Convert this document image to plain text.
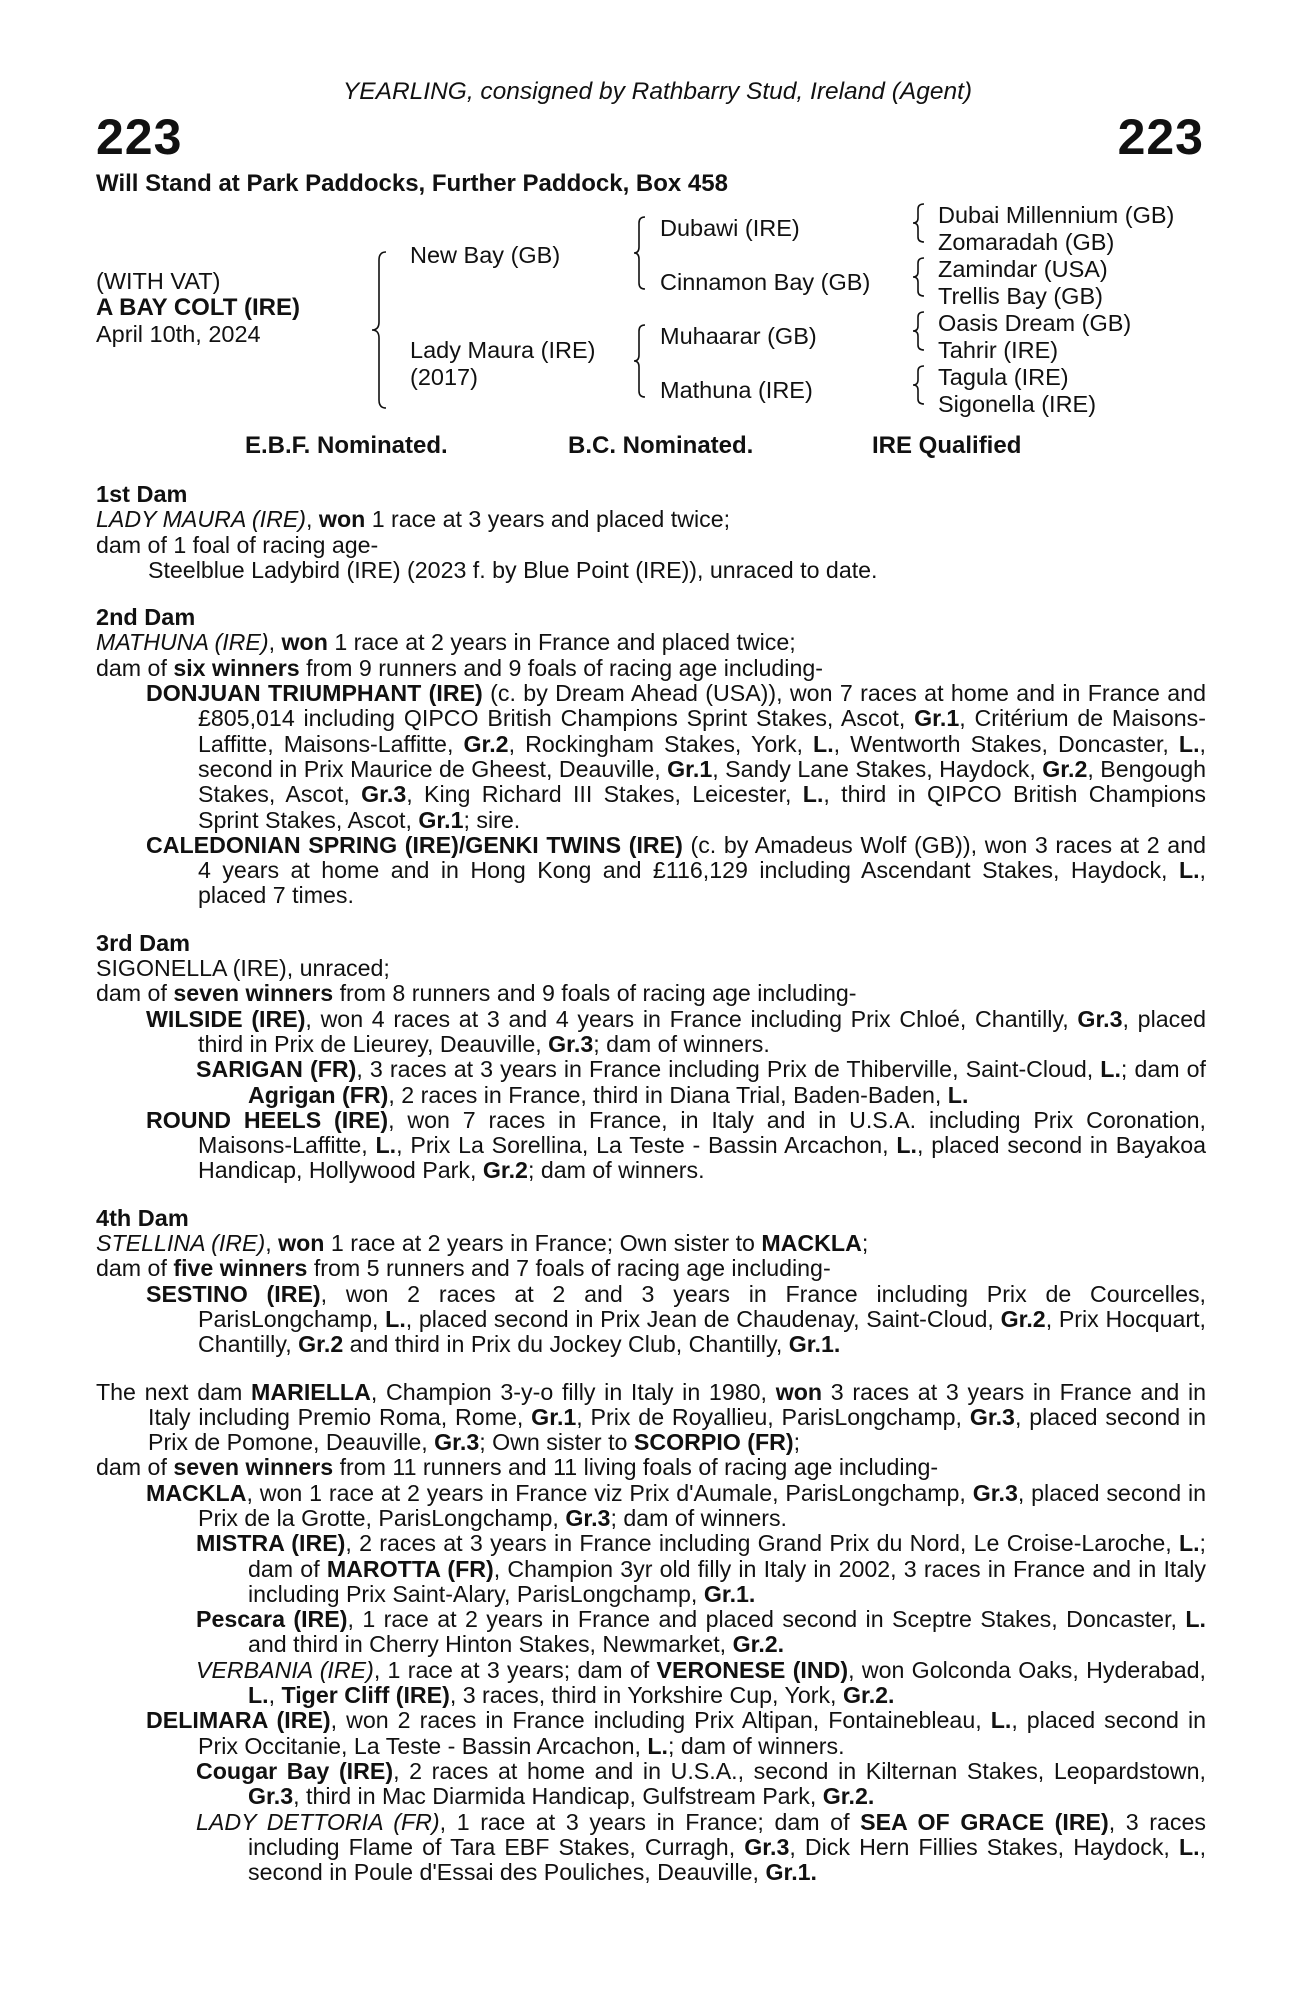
YEARLING, consigned by Rathbarry Stud, Ireland (Agent)
223	223
Will Stand at Park Paddocks, Further Paddock, Box 458
(WITH VAT)
A BAY COLT (IRE)
April 10th, 2024
New Bay (GB)
Lady Maura (IRE)
(2017)
Dubawi (IRE)
Cinnamon Bay (GB)
Muhaarar (GB)
Mathuna (IRE)
Dubai Millennium (GB)
Zomaradah (GB)
Zamindar (USA)
Trellis Bay (GB)
Oasis Dream (GB)
Tahrir (IRE)
Tagula (IRE)
Sigonella (IRE)
E.B.F. Nominated.	B.C. Nominated.	IRE Qualified
1st Dam
LADY MAURA (IRE), won 1 race at 3 years and placed twice;
dam of 1 foal of racing age-
Steelblue Ladybird (IRE) (2023 f. by Blue Point (IRE)), unraced to date.
2nd Dam
MATHUNA (IRE), won 1 race at 2 years in France and placed twice;
dam of six winners from 9 runners and 9 foals of racing age including-
DONJUAN TRIUMPHANT (IRE) (c. by Dream Ahead (USA)), won 7 races at home and in France and £805,014 including QIPCO British Champions Sprint Stakes, Ascot, Gr.1, Critérium de Maisons-Laffitte, Maisons-Laffitte, Gr.2, Rockingham Stakes, York, L., Wentworth Stakes, Doncaster, L., second in Prix Maurice de Gheest, Deauville, Gr.1, Sandy Lane Stakes, Haydock, Gr.2, Bengough Stakes, Ascot, Gr.3, King Richard III Stakes, Leicester, L., third in QIPCO British Champions Sprint Stakes, Ascot, Gr.1; sire.
CALEDONIAN SPRING (IRE)/GENKI TWINS (IRE) (c. by Amadeus Wolf (GB)), won 3 races at 2 and 4 years at home and in Hong Kong and £116,129 including Ascendant Stakes, Haydock, L., placed 7 times.
3rd Dam
SIGONELLA (IRE), unraced;
dam of seven winners from 8 runners and 9 foals of racing age including-
WILSIDE (IRE), won 4 races at 3 and 4 years in France including Prix Chloé, Chantilly, Gr.3, placed third in Prix de Lieurey, Deauville, Gr.3; dam of winners.
SARIGAN (FR), 3 races at 3 years in France including Prix de Thiberville, Saint-Cloud, L.; dam of Agrigan (FR), 2 races in France, third in Diana Trial, Baden-Baden, L.
ROUND HEELS (IRE), won 7 races in France, in Italy and in U.S.A. including Prix Coronation, Maisons-Laffitte, L., Prix La Sorellina, La Teste - Bassin Arcachon, L., placed second in Bayakoa Handicap, Hollywood Park, Gr.2; dam of winners.
4th Dam
STELLINA (IRE), won 1 race at 2 years in France; Own sister to MACKLA;
dam of five winners from 5 runners and 7 foals of racing age including-
SESTINO (IRE), won 2 races at 2 and 3 years in France including Prix de Courcelles, ParisLongchamp, L., placed second in Prix Jean de Chaudenay, Saint-Cloud, Gr.2, Prix Hocquart, Chantilly, Gr.2 and third in Prix du Jockey Club, Chantilly, Gr.1.
The next dam MARIELLA, Champion 3-y-o filly in Italy in 1980, won 3 races at 3 years in France and in Italy including Premio Roma, Rome, Gr.1, Prix de Royallieu, ParisLongchamp, Gr.3, placed second in Prix de Pomone, Deauville, Gr.3; Own sister to SCORPIO (FR);
dam of seven winners from 11 runners and 11 living foals of racing age including-
MACKLA, won 1 race at 2 years in France viz Prix d'Aumale, ParisLongchamp, Gr.3, placed second in Prix de la Grotte, ParisLongchamp, Gr.3; dam of winners.
MISTRA (IRE), 2 races at 3 years in France including Grand Prix du Nord, Le Croise-Laroche, L.; dam of MAROTTA (FR), Champion 3yr old filly in Italy in 2002, 3 races in France and in Italy including Prix Saint-Alary, ParisLongchamp, Gr.1.
Pescara (IRE), 1 race at 2 years in France and placed second in Sceptre Stakes, Doncaster, L. and third in Cherry Hinton Stakes, Newmarket, Gr.2.
VERBANIA (IRE), 1 race at 3 years; dam of VERONESE (IND), won Golconda Oaks, Hyderabad, L., Tiger Cliff (IRE), 3 races, third in Yorkshire Cup, York, Gr.2.
DELIMARA (IRE), won 2 races in France including Prix Altipan, Fontainebleau, L., placed second in Prix Occitanie, La Teste - Bassin Arcachon, L.; dam of winners.
Cougar Bay (IRE), 2 races at home and in U.S.A., second in Kilternan Stakes, Leopardstown, Gr.3, third in Mac Diarmida Handicap, Gulfstream Park, Gr.2.
LADY DETTORIA (FR), 1 race at 3 years in France; dam of SEA OF GRACE (IRE), 3 races including Flame of Tara EBF Stakes, Curragh, Gr.3, Dick Hern Fillies Stakes, Haydock, L., second in Poule d'Essai des Pouliches, Deauville, Gr.1.
